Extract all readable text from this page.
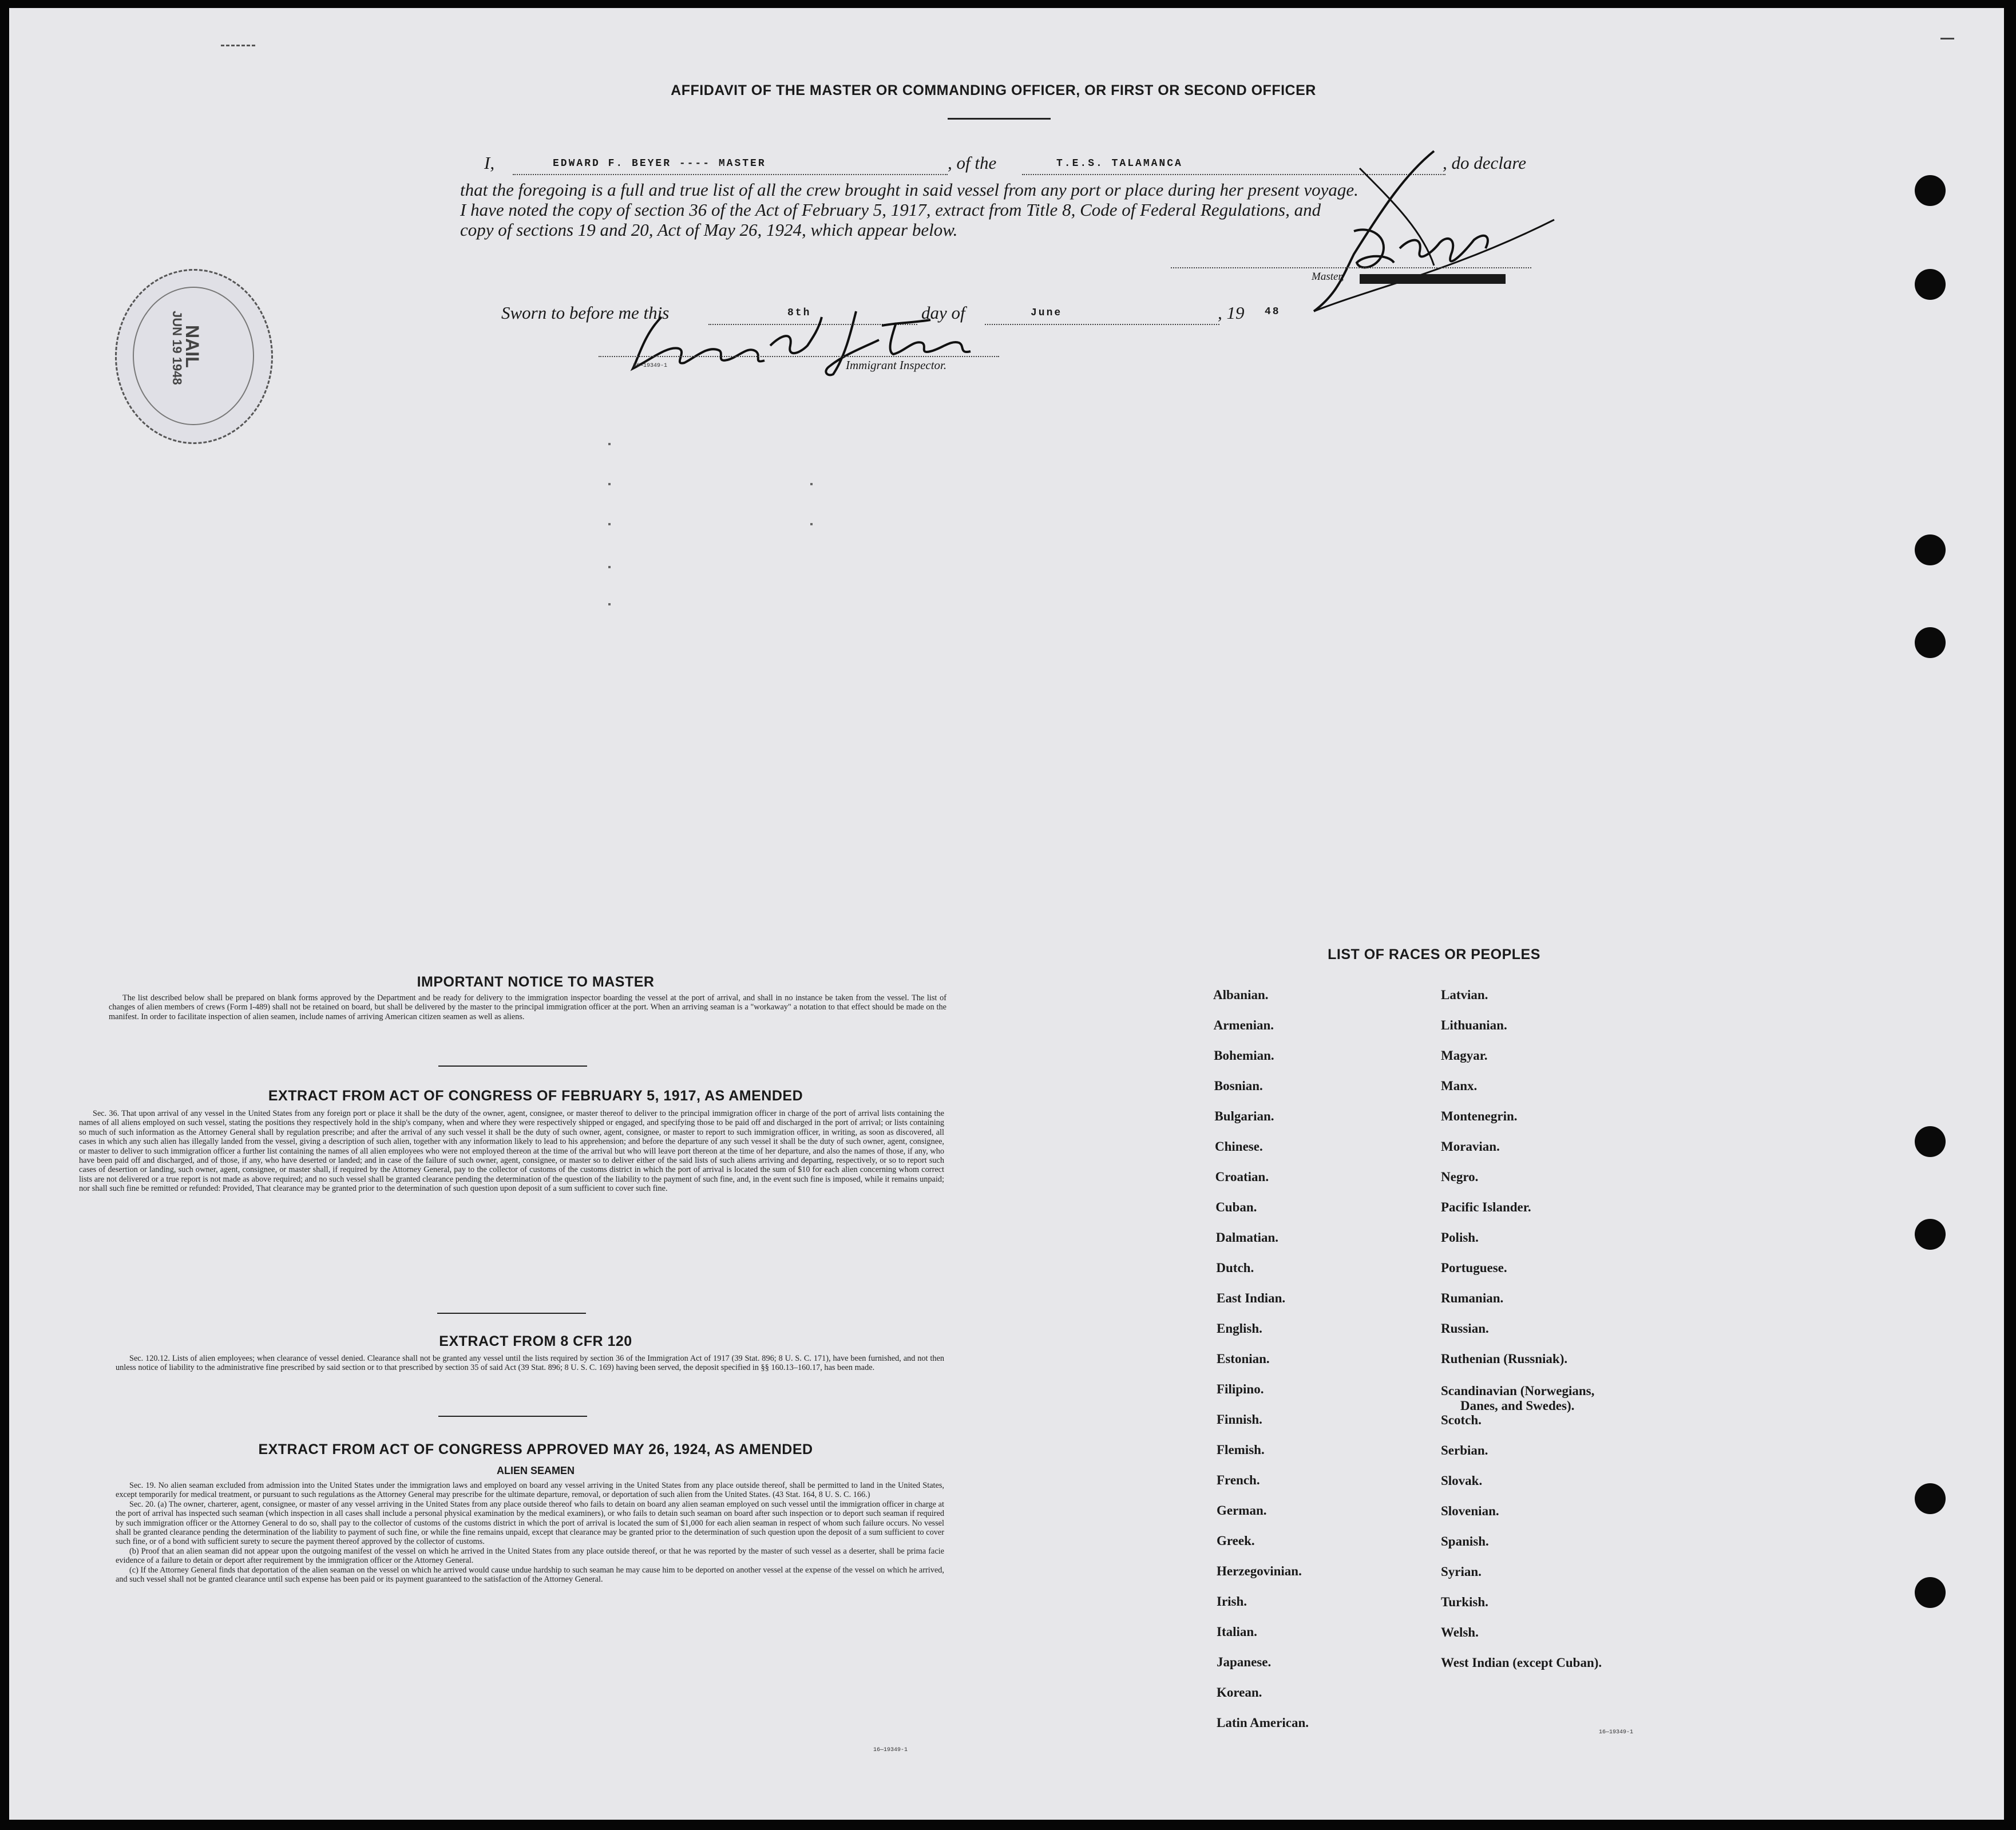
AFFIDAVIT OF THE MASTER OR COMMANDING OFFICER, OR FIRST OR SECOND OFFICER
I,	EDWARD F. BEYER ---- MASTER	, of the	T.E.S. TALAMANCA	, do declare
that the foregoing is a full and true list of all the crew brought in said vessel from any port or place during her present voyage.
I have noted the copy of section 36 of the Act of February 5, 1917, extract from Title 8, Code of Federal Regulations, and
copy of sections 19 and 20, Act of May 26, 1924, which appear below.
Master,
Sworn to before me this	8th	day of	June	, 19 48
16—19349-1	Immigrant Inspector.
NAIL
JUN 19 1948
IMPORTANT NOTICE TO MASTER

The list described below shall be prepared on blank forms approved by the Department and be ready for delivery to the immigration inspector boarding the vessel at the port of arrival, and shall in no instance be taken from the vessel. The list of changes of alien members of crews (Form I-489) shall not be retained on board, but shall be delivered by the master to the principal immigration officer at the port. When an arriving seaman is a "workaway" a notation to that effect should be made on the manifest. In order to facilitate inspection of alien seamen, include names of arriving American citizen seamen as well as aliens.

EXTRACT FROM ACT OF CONGRESS OF FEBRUARY 5, 1917, AS AMENDED

Sec. 36. That upon arrival of any vessel in the United States from any foreign port or place it shall be the duty of the owner, agent, consignee, or master thereof to deliver to the principal immigration officer in charge of the port of arrival lists containing the names of all aliens employed on such vessel, stating the positions they respectively hold in the ship's company, when and where they were respectively shipped or engaged, and specifying those to be paid off and discharged in the port of arrival; or lists containing so much of such information as the Attorney General shall by regulation prescribe; and after the arrival of any such vessel it shall be the duty of such owner, agent, consignee, or master to report to such immigration officer, in writing, as soon as discovered, all cases in which any such alien has illegally landed from the vessel, giving a description of such alien, together with any information likely to lead to his apprehension; and before the departure of any such vessel it shall be the duty of such owner, agent, consignee, or master to deliver to such immigration officer a further list containing the names of all alien employees who were not employed thereon at the time of the arrival but who will leave port thereon at the time of her departure, and also the names of those, if any, who have been paid off and discharged, and of those, if any, who have deserted or landed; and in case of the failure of such owner, agent, consignee, or master so to deliver either of the said lists of such aliens arriving and departing, respectively, or so to report such cases of desertion or landing, such owner, agent, consignee, or master shall, if required by the Attorney General, pay to the collector of customs of the customs district in which the port of arrival is located the sum of $10 for each alien concerning whom correct lists are not delivered or a true report is not made as above required; and no such vessel shall be granted clearance pending the determination of the question of the liability to the payment of such fine, and, in the event such fine is imposed, while it remains unpaid; nor shall such fine be remitted or refunded: Provided, That clearance may be granted prior to the determination of such question upon deposit of a sum sufficient to cover such fine.

EXTRACT FROM 8 CFR 120

Sec. 120.12. Lists of alien employees; when clearance of vessel denied. Clearance shall not be granted any vessel until the lists required by section 36 of the Immigration Act of 1917 (39 Stat. 896; 8 U. S. C. 171), have been furnished, and not then unless notice of liability to the administrative fine prescribed by said section or to that prescribed by section 35 of said Act (39 Stat. 896; 8 U. S. C. 169) having been served, the deposit specified in §§ 160.13–160.17, has been made.

EXTRACT FROM ACT OF CONGRESS APPROVED MAY 26, 1924, AS AMENDED
ALIEN SEAMEN

Sec. 19. No alien seaman excluded from admission into the United States under the immigration laws and employed on board any vessel arriving in the United States from any place outside thereof, shall be permitted to land in the United States, except temporarily for medical treatment, or pursuant to such regulations as the Attorney General may prescribe for the ultimate departure, removal, or deportation of such alien from the United States. (43 Stat. 164, 8 U. S. C. 166.)

Sec. 20. (a) The owner, charterer, agent, consignee, or master of any vessel arriving in the United States from any place outside thereof who fails to detain on board any alien seaman employed on such vessel until the immigration officer in charge at the port of arrival has inspected such seaman (which inspection in all cases shall include a personal physical examination by the medical examiners), or who fails to detain such seaman on board after such inspection or to deport such seaman if required by such immigration officer or the Attorney General to do so, shall pay to the collector of customs of the customs district in which the port of arrival is located the sum of $1,000 for each alien seaman in respect of whom such failure occurs. No vessel shall be granted clearance pending the determination of the liability to payment of such fine, or while the fine remains unpaid, except that clearance may be granted prior to the determination of such question upon the deposit of a sum sufficient to cover such fine, or of a bond with sufficient surety to secure the payment thereof approved by the collector of customs.

(b) Proof that an alien seaman did not appear upon the outgoing manifest of the vessel on which he arrived in the United States from any place outside thereof, or that he was reported by the master of such vessel as a deserter, shall be prima facie evidence of a failure to detain or deport after requirement by the immigration officer or the Attorney General.

(c) If the Attorney General finds that deportation of the alien seaman on the vessel on which he arrived would cause undue hardship to such seaman he may cause him to be deported on another vessel at the expense of the vessel on which he arrived, and such vessel shall not be granted clearance until such expense has been paid or its payment guaranteed to the satisfaction of the Attorney General.

16—19349-1
LIST OF RACES OR PEOPLES
16—19349-1
Albanian.
Armenian.
Bohemian.
Bosnian.
Bulgarian.
Chinese.
Croatian.
Cuban.
Dalmatian.
Dutch.
East Indian.
English.
Estonian.
Filipino.
Finnish.
Flemish.
French.
German.
Greek.
Herzegovinian.
Irish.
Italian.
Japanese.
Korean.
Latin American.
Latvian.
Lithuanian.
Magyar.
Manx.
Montenegrin.
Moravian.
Negro.
Pacific Islander.
Polish.
Portuguese.
Rumanian.
Russian.
Ruthenian (Russniak).
Scandinavian (Norwegians,
Danes, and Swedes).
Scotch.
Serbian.
Slovak.
Slovenian.
Spanish.
Syrian.
Turkish.
Welsh.
West Indian (except Cuban).
